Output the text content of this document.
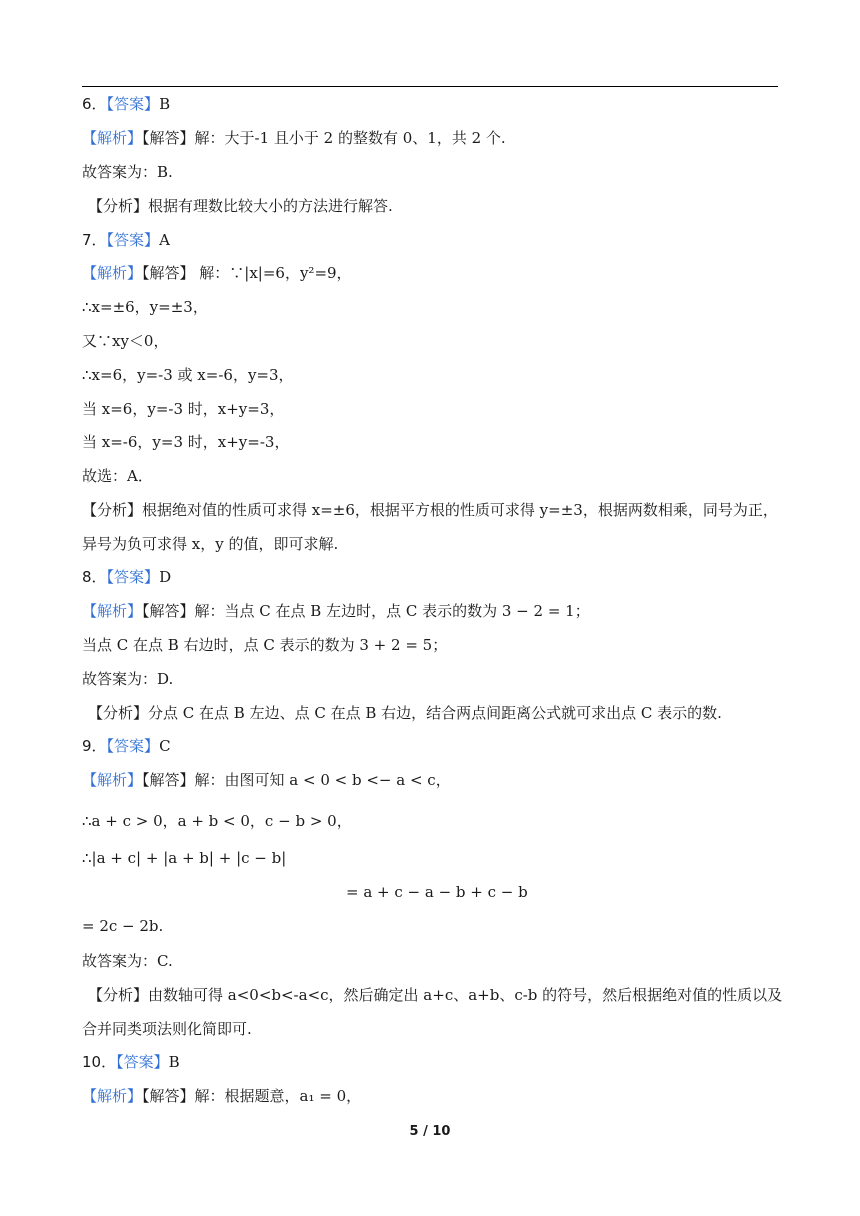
6．【答案】B
【解析】【解答】解：大于-1 且小于 2 的整数有 0、1，共 2 个.
故答案为：B.
【分析】根据有理数比较大小的方法进行解答.
7．【答案】A
【解析】【解答】 解：∵|x|=6，y²=9，
∴x=±6，y=±3，
又∵xy＜0，
∴x=6，y=-3 或 x=-6，y=3，
当 x=6，y=-3 时，x+y=3，
当 x=-6，y=3 时，x+y=-3，
故选：A．
【分析】根据绝对值的性质可求得 x=±6，根据平方根的性质可求得 y=±3，根据两数相乘，同号为正，
异号为负可求得 x，y 的值，即可求解.
8．【答案】D
【解析】【解答】解：当点 C 在点 B 左边时，点 C 表示的数为 3 − 2 = 1；
当点 C 在点 B 右边时，点 C 表示的数为 3 + 2 = 5；
故答案为：D.
【分析】分点 C 在点 B 左边、点 C 在点 B 右边，结合两点间距离公式就可求出点 C 表示的数.
9．【答案】C
【解析】【解答】解：由图可知 a < 0 < b <− a < c，
∴a + c > 0，a + b < 0，c − b > 0，
∴|a + c| + |a + b| + |c − b|
= a + c − a − b + c − b
= 2c − 2b.
故答案为：C.
【分析】由数轴可得 a<0<b<-a<c，然后确定出 a+c、a+b、c-b 的符号，然后根据绝对值的性质以及
合并同类项法则化简即可.
10．【答案】B
【解析】【解答】解：根据题意，a₁ = 0，
5 / 10
